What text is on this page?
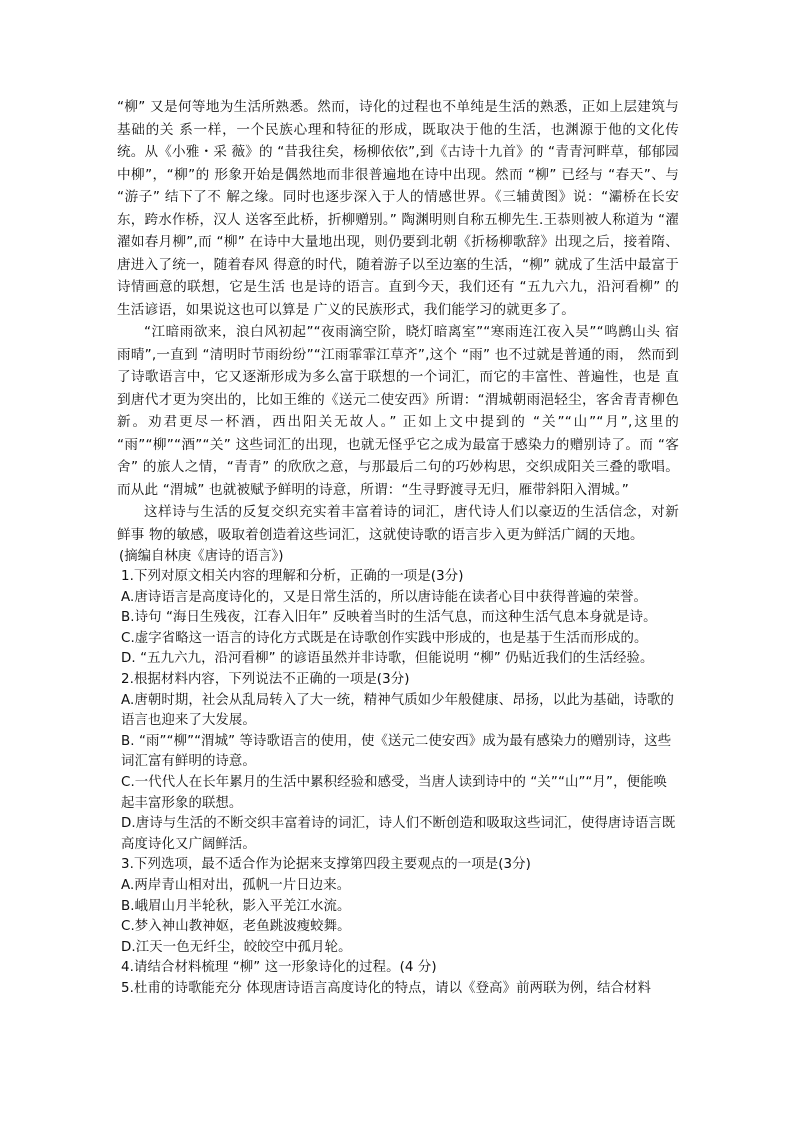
“柳” 又是何等地为生活所熟悉。然而，诗化的过程也不单纯是生活的熟悉，正如上层建筑与基础的关 系一样，一个民族心理和特征的形成，既取决于他的生活，也渊源于他的文化传统。从《小雅・采 薇》的 “昔我往矣，杨柳依依”,到《古诗十九首》的 “青青河畔草，郁郁园中柳”，“柳”的 形象开始是偶然地而非很普遍地在诗中出现。然而 “柳” 已经与 “春天”、与 “游子” 结下了不 解之缘。同时也逐步深入于人的情感世界。《三辅黄图》说：“灞桥在长安东，跨水作桥，汉人 送客至此桥，折柳赠别。” 陶渊明则自称五柳先生.王恭则被人称道为 “濯濯如春月柳”,而 “柳” 在诗中大量地出现，则仍要到北朝《折杨柳歌辞》出现之后，接着隋、唐进入了统一，随着春风 得意的时代，随着游子以至边塞的生活，“柳” 就成了生活中最富于诗情画意的联想，它是生活 也是诗的语言。直到今天，我们还有 “五九六九，沿河看柳” 的生活谚语，如果说这也可以算是 广义的民族形式，我们能学习的就更多了。

“江暗雨欲来，浪白风初起”“夜雨滴空阶，晓灯暗离室”“寒雨连江夜入吴”“鸣鹧山头 宿雨晴”,一直到 “清明时节雨纷纷”“江雨霏霏江草齐”,这个 “雨” 也不过就是普通的雨， 然而到了诗歌语言中，它又逐渐形成为多么富于联想的一个词汇，而它的丰富性、普遍性，也是 直到唐代才更为突出的，比如王维的《送元二使安西》所谓：“渭城朝雨浥轻尘，客舍青青柳色 新。劝君更尽一杯酒，西出阳关无故人。” 正如上文中提到的 “关”“山”“月”,这里的 “雨”“柳”“酒”“关” 这些词汇的出现，也就无怪乎它之成为最富于感染力的赠别诗了。而 “客舍” 的旅人之情，“青青” 的欣欣之意，与那最后二句的巧妙构思，交织成阳关三叠的歌唱。 而从此 “渭城” 也就被赋予鲜明的诗意，所谓：“生寻野渡寻无归，雁带斜阳入渭城。”

这样诗与生活的反复交织充实着丰富着诗的词汇，唐代诗人们以豪迈的生活信念，对新鲜事 物的敏感，吸取着创造着这些词汇，这就使诗歌的语言步入更为鲜活广阔的天地。

(摘编自林庚《唐诗的语言》)

1.下列对原文相关内容的理解和分析，正确的一项是(3分)

A.唐诗语言是高度诗化的，又是日常生活的，所以唐诗能在读者心目中获得普遍的荣誉。

B.诗句 “海日生残夜，江春入旧年” 反映着当时的生活气息，而这种生活气息本身就是诗。

C.虚字省略这一语言的诗化方式既是在诗歌创作实践中形成的，也是基于生活而形成的。

D. “五九六九，沿河看柳” 的谚语虽然并非诗歌，但能说明 “柳” 仍贴近我们的生活经验。

2.根据材料内容，下列说法不正确的一项是(3分)

A.唐朝时期，社会从乱局转入了大一统，精神气质如少年般健康、昂扬，以此为基础，诗歌的语言也迎来了大发展。

B. “雨”“柳”“渭城” 等诗歌语言的使用，使《送元二使安西》成为最有感染力的赠别诗，这些词汇富有鲜明的诗意。

C.一代代人在长年累月的生活中累积经验和感受，当唐人读到诗中的 “关”“山”“月”，便能唤起丰富形象的联想。

D.唐诗与生活的不断交织丰富着诗的词汇，诗人们不断创造和吸取这些词汇，使得唐诗语言既高度诗化又广阔鲜活。

3.下列选项，最不适合作为论据来支撑第四段主要观点的一项是(3分)

A.两岸青山相对出，孤帆一片日边来。

B.峨眉山月半轮秋，影入平羌江水流。

C.梦入神山教神妪，老鱼跳波瘦蛟舞。

D.江天一色无纤尘，皎皎空中孤月轮。

4.请结合材料梳理 “柳” 这一形象诗化的过程。(4 分)

5.杜甫的诗歌能充分 体现唐诗语言高度诗化的特点，请以《登高》前两联为例，结合材料
